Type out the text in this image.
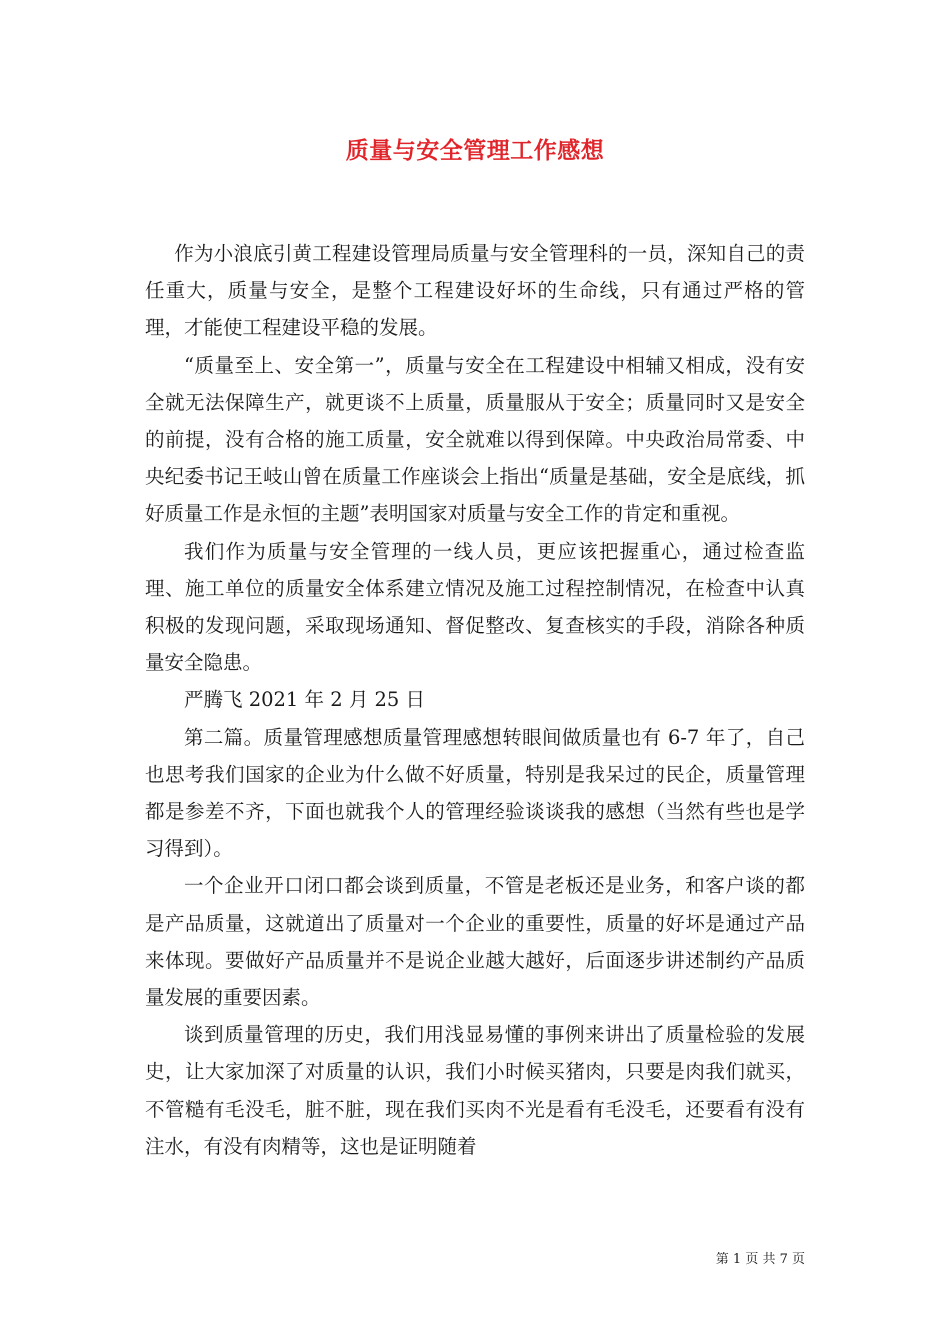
质量与安全管理工作感想

作为小浪底引黄工程建设管理局质量与安全管理科的一员，深知自己的责任重大，质量与安全，是整个工程建设好坏的生命线，只有通过严格的管理，才能使工程建设平稳的发展。

“质量至上、安全第一”，质量与安全在工程建设中相辅又相成，没有安全就无法保障生产，就更谈不上质量，质量服从于安全；质量同时又是安全的前提，没有合格的施工质量，安全就难以得到保障。中央政治局常委、中央纪委书记王岐山曾在质量工作座谈会上指出“质量是基础，安全是底线，抓好质量工作是永恒的主题”表明国家对质量与安全工作的肯定和重视。

我们作为质量与安全管理的一线人员，更应该把握重心，通过检查监理、施工单位的质量安全体系建立情况及施工过程控制情况，在检查中认真积极的发现问题，采取现场通知、督促整改、复查核实的手段，消除各种质量安全隐患。

严腾飞 2021 年 2 月 25 日

第二篇。质量管理感想质量管理感想转眼间做质量也有 6-7 年了，自己也思考我们国家的企业为什么做不好质量，特别是我呆过的民企，质量管理都是参差不齐，下面也就我个人的管理经验谈谈我的感想（当然有些也是学习得到）。

一个企业开口闭口都会谈到质量，不管是老板还是业务，和客户谈的都是产品质量，这就道出了质量对一个企业的重要性，质量的好坏是通过产品来体现。要做好产品质量并不是说企业越大越好，后面逐步讲述制约产品质量发展的重要因素。

谈到质量管理的历史，我们用浅显易懂的事例来讲出了质量检验的发展史，让大家加深了对质量的认识，我们小时候买猪肉，只要是肉我们就买，不管糙有毛没毛，脏不脏，现在我们买肉不光是看有毛没毛，还要看有没有注水，有没有肉精等，这也是证明随着

第 1 页 共 7 页
